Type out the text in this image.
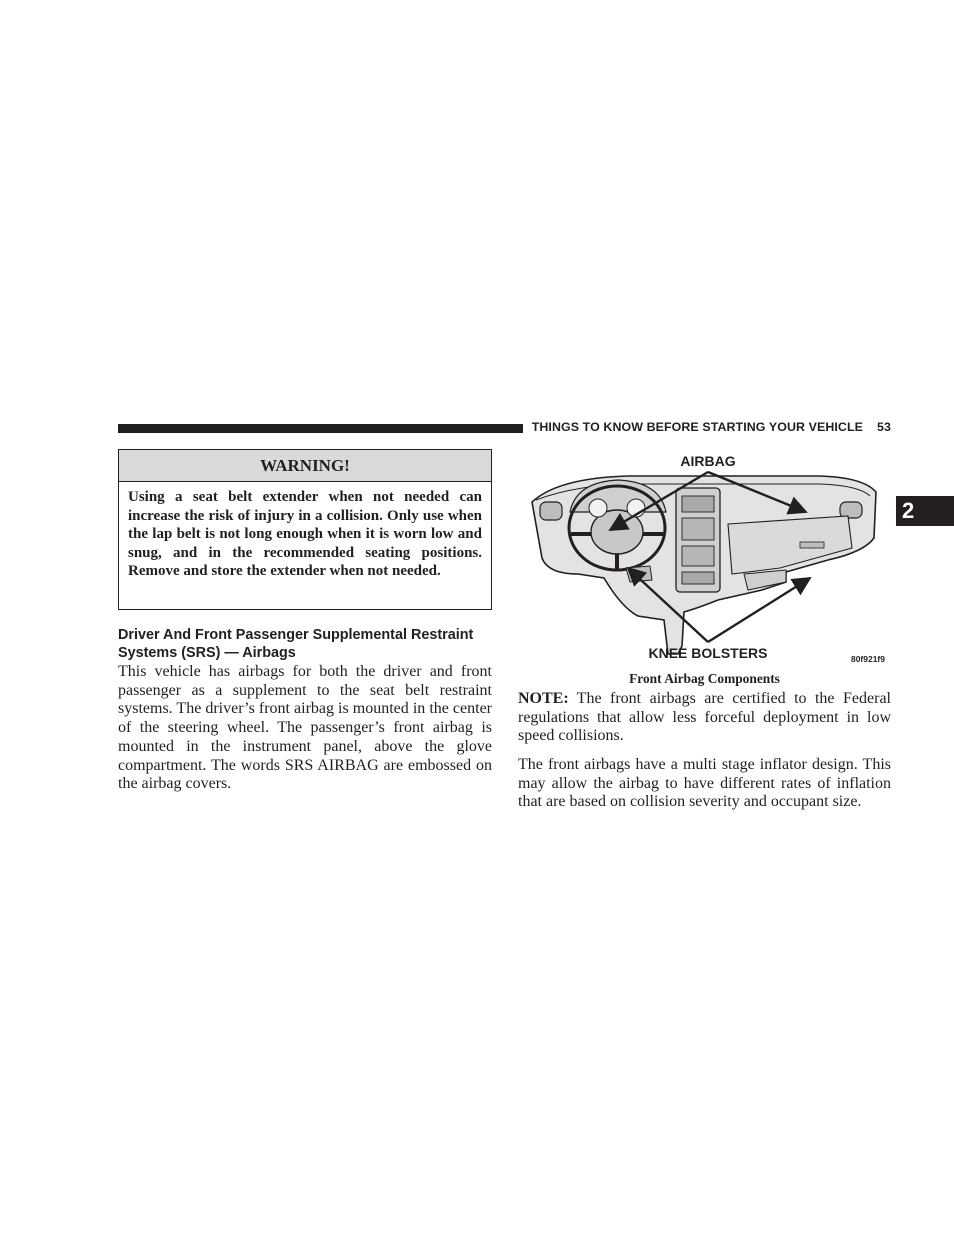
THINGS TO KNOW BEFORE STARTING YOUR VEHICLE 53
2
WARNING!
Using a seat belt extender when not needed can increase the risk of injury in a collision. Only use when the lap belt is not long enough when it is worn low and snug, and in the recommended seating positions. Remove and store the extender when not needed.
Driver And Front Passenger Supplemental Restraint Systems (SRS) — Airbags

This vehicle has airbags for both the driver and front passenger as a supplement to the seat belt restraint systems. The driver’s front airbag is mounted in the center of the steering wheel. The passenger’s front airbag is mounted in the instrument panel, above the glove compartment. The words SRS AIRBAG are embossed on the airbag covers.

AIRBAG
KNEE BOLSTERS	80f921f9
Front Airbag Components

NOTE: The front airbags are certified to the Federal regulations that allow less forceful deployment in low speed collisions.

The front airbags have a multi stage inflator design. This may allow the airbag to have different rates of inflation that are based on collision severity and occupant size.
